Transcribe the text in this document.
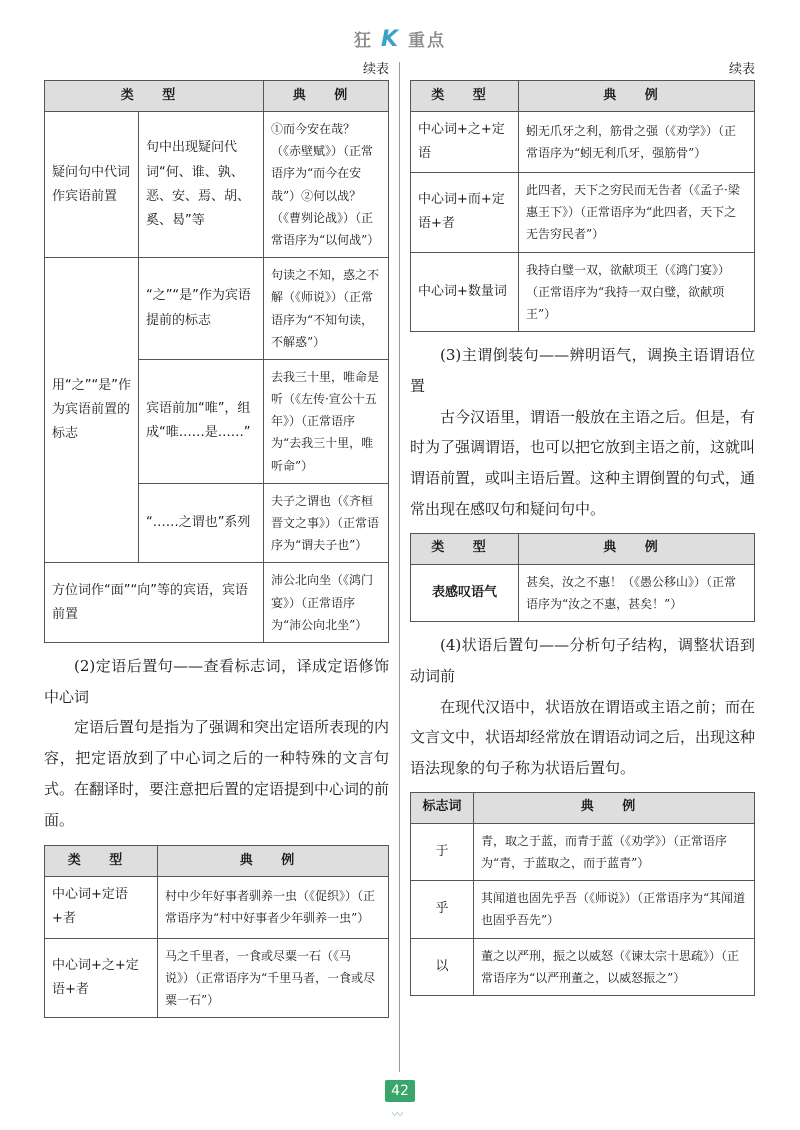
狂 K 重点
续表
类 型		典 例
疑问句中代词作宾语前置	句中出现疑问代词“何、谁、孰、恶、安、焉、胡、奚、曷”等	①而今安在哉？（《赤壁赋》）（正常语序为“而今在安哉”）②何以战？（《曹刿论战》）（正常语序为“以何战”）
用“之”“是”作为宾语前置的标志	“之”“是”作为宾语提前的标志	句读之不知，惑之不解（《师说》）（正常语序为“不知句读，不解惑”）
	宾语前加“唯”，组成“唯……是……”	去我三十里，唯命是听（《左传·宣公十五年》）（正常语序为“去我三十里，唯听命”）
	“……之谓也”系列	夫子之谓也（《齐桓晋文之事》）（正常语序为“谓夫子也”）
方位词作“面”“向”等的宾语，宾语前置		沛公北向坐（《鸿门宴》）（正常语序为“沛公向北坐”）

(2)定语后置句——查看标志词，译成定语修饰中心词

定语后置句是指为了强调和突出定语所表现的内容，把定语放到了中心词之后的一种特殊的文言句式。在翻译时，要注意把后置的定语提到中心词的前面。

类 型	典 例
中心词+定语+者	村中少年好事者驯养一虫（《促织》）（正常语序为“村中好事者少年驯养一虫”）
中心词+之+定语+者	马之千里者，一食或尽粟一石（《马说》）（正常语序为“千里马者，一食或尽粟一石”）
续表
类 型	典 例
中心词+之+定语	蚓无爪牙之利，筋骨之强（《劝学》）（正常语序为“蚓无利爪牙，强筋骨”）
中心词+而+定语+者	此四者，天下之穷民而无告者（《孟子·梁惠王下》）（正常语序为“此四者，天下之无告穷民者”）
中心词+数量词	我持白璧一双，欲献项王（《鸿门宴》）（正常语序为“我持一双白璧，欲献项王”）

(3)主谓倒装句——辨明语气，调换主语谓语位置

古今汉语里，谓语一般放在主语之后。但是，有时为了强调谓语，也可以把它放到主语之前，这就叫谓语前置，或叫主语后置。这种主谓倒置的句式，通常出现在感叹句和疑问句中。

类 型	典 例
表感叹语气	甚矣，汝之不惠！（《愚公移山》）（正常语序为“汝之不惠，甚矣！”）

(4)状语后置句——分析句子结构，调整状语到动词前

在现代汉语中，状语放在谓语或主语之前；而在文言文中，状语却经常放在谓语动词之后，出现这种语法现象的句子称为状语后置句。

标志词	典 例
于	青，取之于蓝，而青于蓝（《劝学》）（正常语序为“青，于蓝取之，而于蓝青”）
乎	其闻道也固先乎吾（《师说》）（正常语序为“其闻道也固乎吾先”）
以	董之以严刑，振之以威怒（《谏太宗十思疏》）（正常语序为“以严刑董之，以威怒振之”）
42
〰
